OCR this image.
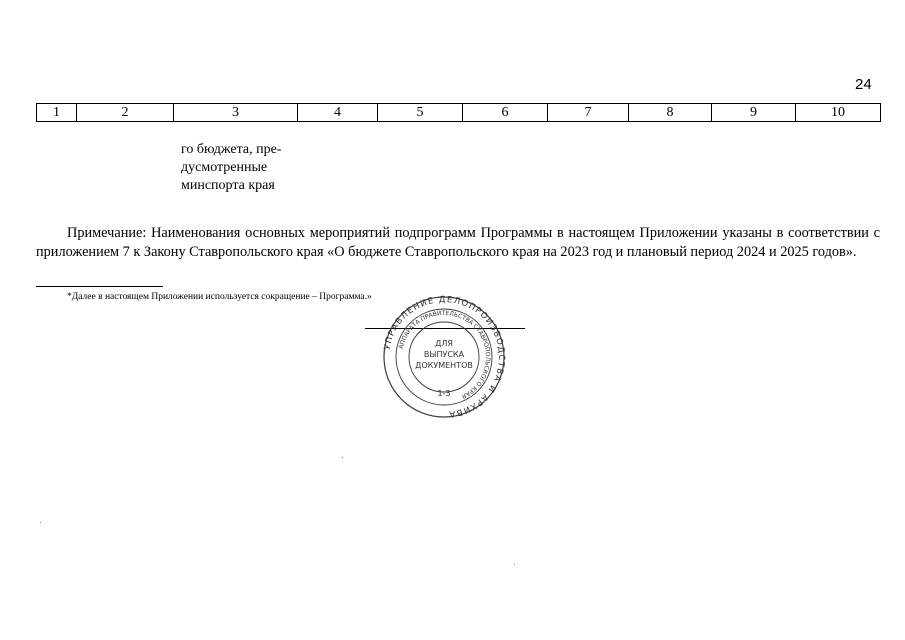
24
1	2	3	4	5	6	7	8	9	10
го бюджета, пре-
дусмотренные
минспорта края
Примечание: Наименования основных мероприятий подпрограмм Программы в настоящем Приложении указаны в соответствии с приложением 7 к Закону Ставропольского края «О бюджете Ставропольского края на 2023 год и плановый период 2024 и 2025 годов».
*Далее в настоящем Приложении используется сокращение – Программа.»
УПРАВЛЕНИЕ ДЕЛОПРОИЗВОДСТВА И АРХИВА
АППАРАТА ПРАВИТЕЛЬСТВА СТАВРОПОЛЬСКОГО КРАЯ
ДЛЯ
ВЫПУСКА
ДОКУМЕНТОВ
1-3
